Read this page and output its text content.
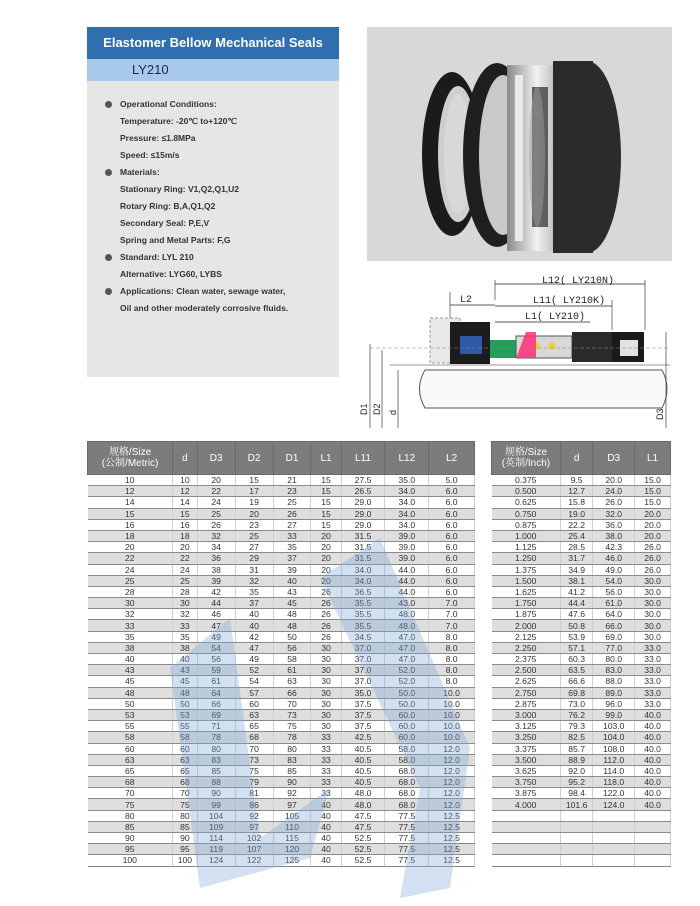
Elastomer Bellow Mechanical Seals
LY210
Operational Conditions:
Temperature: -20℃ to+120℃
Pressure: ≤1.8MPa
Speed: ≤15m/s
Materials:
Stationary Ring: V1,Q2,Q1,U2
Rotary Ring: B,A,Q1,Q2
Secondary Seal: P,E,V
Spring and Metal Parts: F,G
Standard: LYL 210
Alternative: LYG60, LYBS
Applications: Clean water, sewage water,
Oil and other moderately corrosive fluids.
L12( LY210N)
L2	L11( LY210K)
L1( LY210)
D1 D2 d	D3
规格/Size
(公制/Metric)	d	D3	D2	D1	L1	L11	L12	L2
10	10	20	15	21	15	27.5	35.0	5.0
12	12	22	17	23	15	26.5	34.0	6.0
14	14	24	19	25	15	29.0	34.0	6.0
15	15	25	20	26	15	29.0	34.0	6.0
16	16	26	23	27	15	29.0	34.0	6.0
18	18	32	25	33	20	31.5	39.0	6.0
20	20	34	27	35	20	31.5	39.0	6.0
22	22	36	29	37	20	31.5	39.0	6.0
24	24	38	31	39	20	34.0	44.0	6.0
25	25	39	32	40	20	34.0	44.0	6.0
28	28	42	35	43	26	36.5	44.0	6.0
30	30	44	37	45	26	35.5	43.0	7.0
32	32	46	40	48	26	35.5	48.0	7.0
33	33	47	40	48	26	35.5	48.0	7.0
35	35	49	42	50	26	34.5	47.0	8.0
38	38	54	47	56	30	37.0	47.0	8.0
40	40	56	49	58	30	37.0	47.0	8.0
43	43	59	52	61	30	37.0	52.0	8.0
45	45	61	54	63	30	37.0	52.0	8.0
48	48	64	57	66	30	35.0	50.0	10.0
50	50	66	60	70	30	37.5	50.0	10.0
53	53	69	63	73	30	37.5	60.0	10.0
55	55	71	65	75	30	37.5	60.0	10.0
58	58	78	68	78	33	42.5	60.0	10.0
60	60	80	70	80	33	40.5	58.0	12.0
63	63	83	73	83	33	40.5	58.0	12.0
65	65	85	75	85	33	40.5	68.0	12.0
68	68	88	79	90	33	40.5	68.0	12.0
70	70	90	81	92	33	48.0	68.0	12.0
75	75	99	86	97	40	48.0	68.0	12.0
80	80	104	92	105	40	47.5	77.5	12.5
85	85	109	97	110	40	47.5	77.5	12.5
90	90	114	102	115	40	52.5	77.5	12.5
95	95	119	107	120	40	52.5	77.5	12.5
100	100	124	122	125	40	52.5	77.5	12.5
规格/Size
(英制/Inch)	d	D3	L1
0.375	9.5	20.0	15.0
0.500	12.7	24.0	15.0
0.625	15.8	26.0	15.0
0.750	19.0	32.0	20.0
0.875	22.2	36.0	20.0
1.000	25.4	38.0	20.0
1.125	28.5	42.3	26.0
1.250	31.7	46.0	26.0
1.375	34.9	49.0	26.0
1.500	38.1	54.0	30.0
1.625	41.2	56.0	30.0
1.750	44.4	61.0	30.0
1.875	47.6	64.0	30.0
2.000	50.8	66.0	30.0
2.125	53.9	69.0	30.0
2.250	57.1	77.0	33.0
2.375	60.3	80.0	33.0
2.500	63.5	83.0	33.0
2.625	66.6	88.0	33.0
2.750	69.8	89.0	33.0
2.875	73.0	96.0	33.0
3.000	76.2	99.0	40.0
3.125	79.3	103.0	40.0
3.250	82.5	104.0	40.0
3.375	85.7	108.0	40.0
3.500	88.9	112.0	40.0
3.625	92.0	114.0	40.0
3.750	95.2	118.0	40.0
3.875	98.4	122.0	40.0
4.000	101.6	124.0	40.0
